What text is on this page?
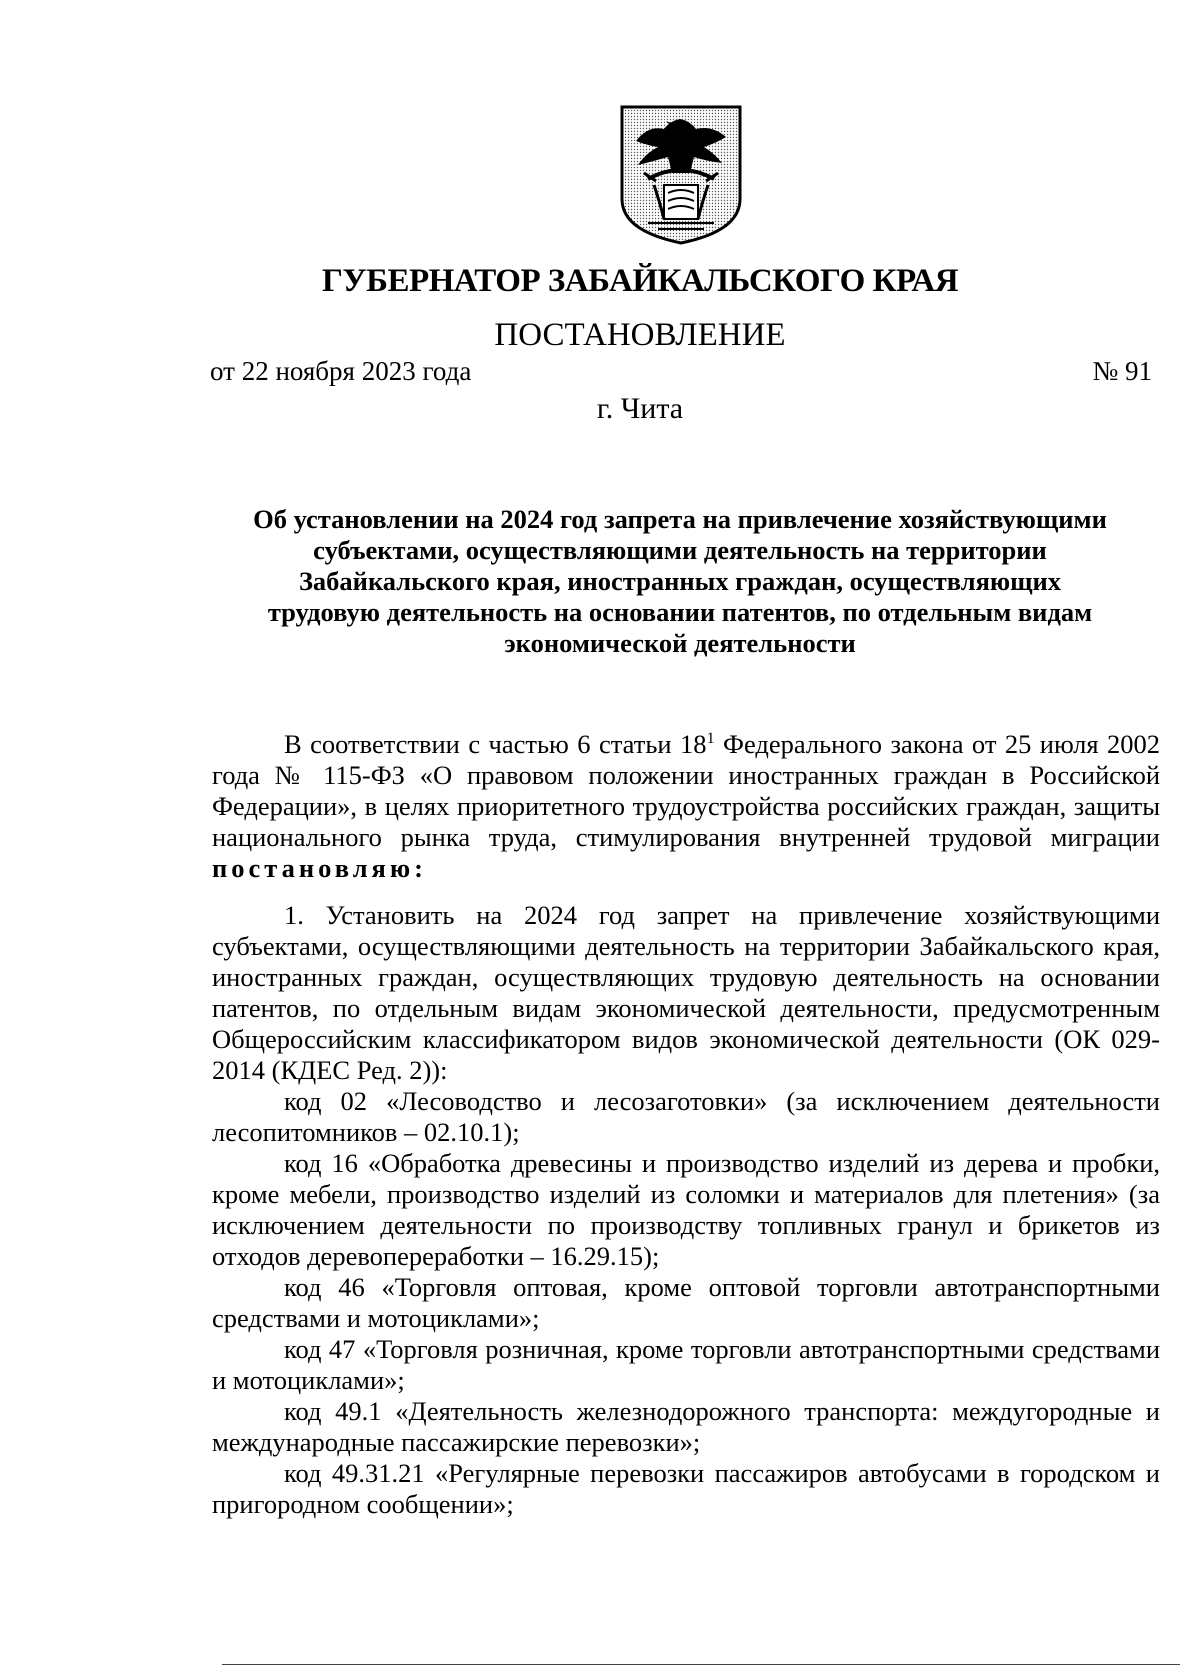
ГУБЕРНАТОР ЗАБАЙКАЛЬСКОГО КРАЯ
ПОСТАНОВЛЕНИЕ
от 22 ноября 2023 года	№ 91
г. Чита
Об установлении на 2024 год запрета на привлечение хозяйствующими
субъектами, осуществляющими деятельность на территории
Забайкальского края, иностранных граждан, осуществляющих
трудовую деятельность на основании патентов, по отдельным видам
экономической деятельности

В соответствии с частью 6 статьи $18^1$ Федерального закона от 25 июля 2002 года № 115-ФЗ «О правовом положении иностранных граждан в Российской Федерации», в целях приоритетного трудоустройства российских граждан, защиты национального рынка труда, стимулирования внутренней трудовой миграции постановляю:

1. Установить на 2024 год запрет на привлечение хозяйствующими субъектами, осуществляющими деятельность на территории Забайкальского края, иностранных граждан, осуществляющих трудовую деятельность на основании патентов, по отдельным видам экономической деятельности, предусмотренным Общероссийским классификатором видов экономической деятельности (ОК 029-2014 (КДЕС Ред. 2)):

код 02 «Лесоводство и лесозаготовки» (за исключением деятельности лесопитомников – 02.10.1);

код 16 «Обработка древесины и производство изделий из дерева и пробки, кроме мебели, производство изделий из соломки и материалов для плетения» (за исключением деятельности по производству топливных гранул и брикетов из отходов деревопереработки – 16.29.15);

код 46 «Торговля оптовая, кроме оптовой торговли автотранспортными средствами и мотоциклами»;

код 47 «Торговля розничная, кроме торговли автотранспортными средствами и мотоциклами»;

код 49.1 «Деятельность железнодорожного транспорта: междугородные и международные пассажирские перевозки»;

код 49.31.21 «Регулярные перевозки пассажиров автобусами в городском и пригородном сообщении»;
